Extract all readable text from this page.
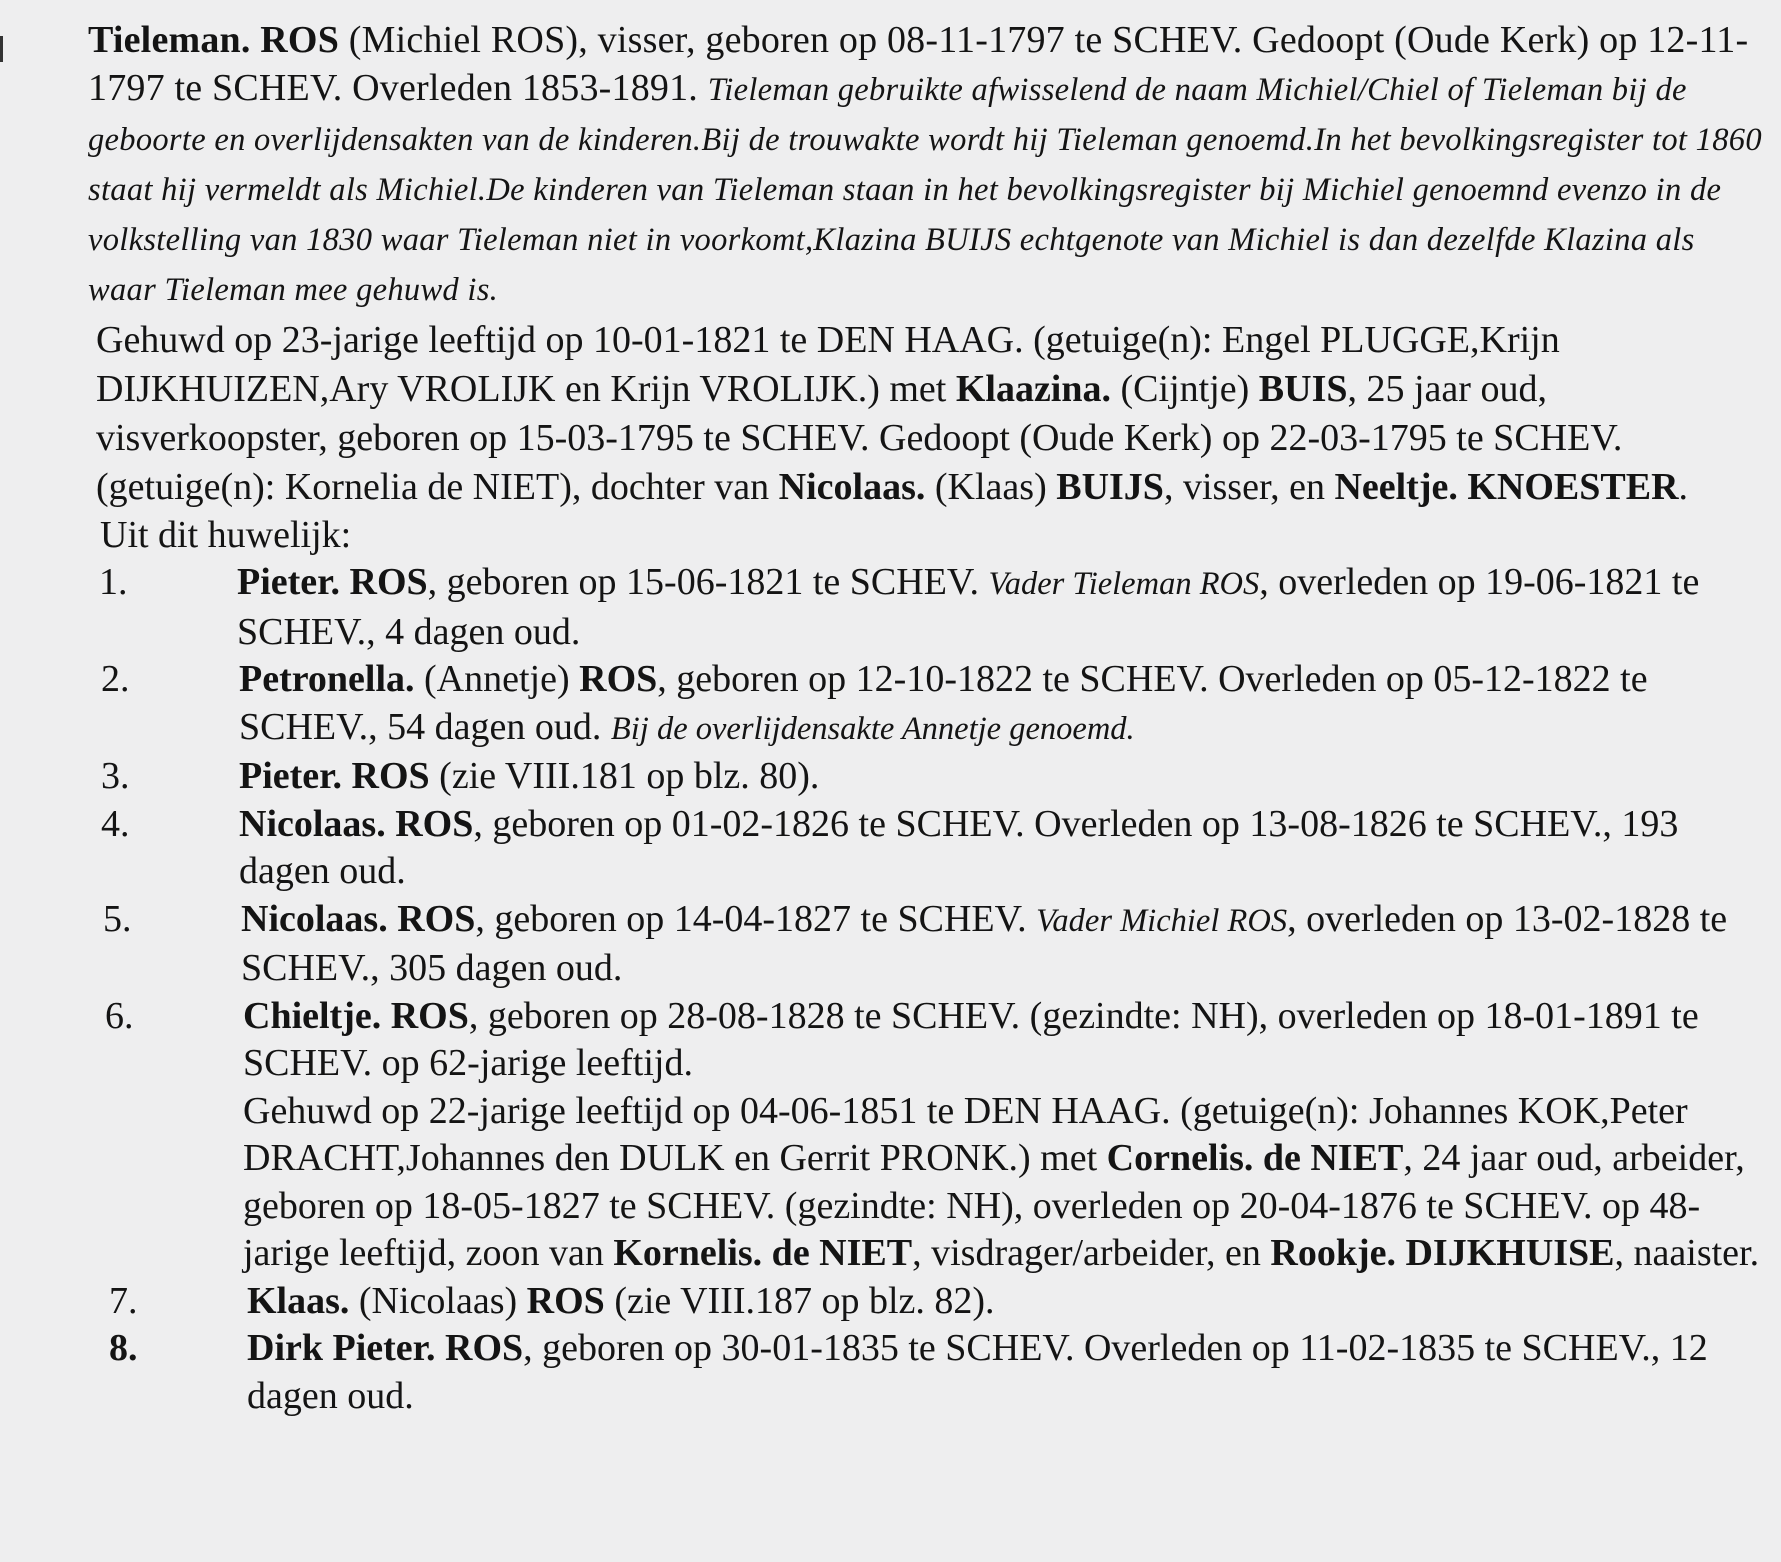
Tieleman. ROS (Michiel ROS), visser, geboren op 08-11-1797 te SCHEV. Gedoopt (Oude Kerk) op 12-11-1797 te SCHEV. Overleden 1853-1891. Tieleman gebruikte afwisselend de naam Michiel/Chiel of Tieleman bij de geboorte en overlijdensakten van de kinderen.Bij de trouwakte wordt hij Tieleman genoemd.In het bevolkingsregister tot 1860 staat hij vermeldt als Michiel.De kinderen van Tieleman staan in het bevolkingsregister bij Michiel genoemnd evenzo in de volkstelling van 1830 waar Tieleman niet in voorkomt,Klazina BUIJS echtgenote van Michiel is dan dezelfde Klazina als waar Tieleman mee gehuwd is.

Gehuwd op 23-jarige leeftijd op 10-01-1821 te DEN HAAG. (getuige(n): Engel PLUGGE,Krijn DIJKHUIZEN,Ary VROLIJK en Krijn VROLIJK.) met Klaazina. (Cijntje) BUIS, 25 jaar oud, visverkoopster, geboren op 15-03-1795 te SCHEV. Gedoopt (Oude Kerk) op 22-03-1795 te SCHEV. (getuige(n): Kornelia de NIET), dochter van Nicolaas. (Klaas) BUIJS, visser, en Neeltje. KNOESTER.

Uit dit huwelijk:

1.	Pieter. ROS, geboren op 15-06-1821 te SCHEV. Vader Tieleman ROS, overleden op 19-06-1821 te SCHEV., 4 dagen oud.
2.	Petronella. (Annetje) ROS, geboren op 12-10-1822 te SCHEV. Overleden op 05-12-1822 te SCHEV., 54 dagen oud. Bij de overlijdensakte Annetje genoemd.
3.	Pieter. ROS (zie VIII.181 op blz. 80).
4.	Nicolaas. ROS, geboren op 01-02-1826 te SCHEV. Overleden op 13-08-1826 te SCHEV., 193 dagen oud.
5.	Nicolaas. ROS, geboren op 14-04-1827 te SCHEV. Vader Michiel ROS, overleden op 13-02-1828 te SCHEV., 305 dagen oud.
6.	Chieltje. ROS, geboren op 28-08-1828 te SCHEV. (gezindte: NH), overleden op 18-01-1891 te SCHEV. op 62-jarige leeftijd.
Gehuwd op 22-jarige leeftijd op 04-06-1851 te DEN HAAG. (getuige(n): Johannes KOK,Peter DRACHT,Johannes den DULK en Gerrit PRONK.) met Cornelis. de NIET, 24 jaar oud, arbeider, geboren op 18-05-1827 te SCHEV. (gezindte: NH), overleden op 20-04-1876 te SCHEV. op 48-jarige leeftijd, zoon van Kornelis. de NIET, visdrager/arbeider, en Rookje. DIJKHUISE, naaister.
7.	Klaas. (Nicolaas) ROS (zie VIII.187 op blz. 82).
8.	Dirk Pieter. ROS, geboren op 30-01-1835 te SCHEV. Overleden op 11-02-1835 te SCHEV., 12 dagen oud.
